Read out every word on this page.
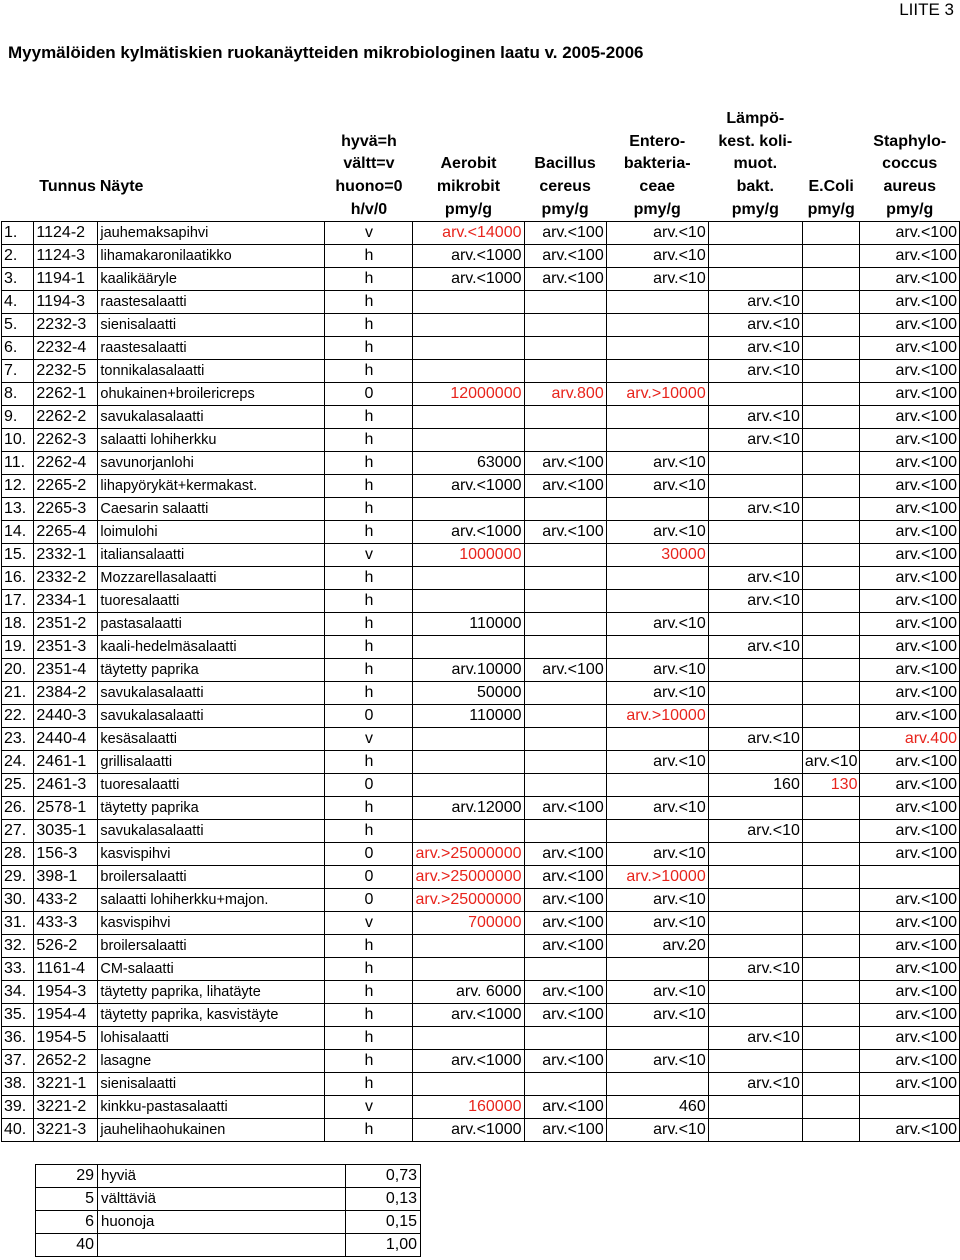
LIITE 3
Myymälöiden kylmätiskien ruokanäytteiden mikrobiologinen laatu v. 2005-2006
Tunnus		Näyte	hyvä=h
vältt=v
huono=0	Aerobit
mikrobit	Bacillus
cereus	Entero-
bakteria-
ceae	Lämpö-
kest. koli-
muot.
bakt.	E.Coli	Staphylo-
coccus
aureus
			h/v/0	pmy/g	pmy/g	pmy/g	pmy/g	pmy/g	pmy/g
1.	1124-2	jauhemaksapihvi	v	arv.<14000	arv.<100	arv.<10			arv.<100
2.	1124-3	lihamakaronilaatikko	h	arv.<1000	arv.<100	arv.<10			arv.<100
3.	1194-1	kaalikääryle	h	arv.<1000	arv.<100	arv.<10			arv.<100
4.	1194-3	raastesalaatti	h				arv.<10		arv.<100
5.	2232-3	sienisalaatti	h				arv.<10		arv.<100
6.	2232-4	raastesalaatti	h				arv.<10		arv.<100
7.	2232-5	tonnikalasalaatti	h				arv.<10		arv.<100
8.	2262-1	ohukainen+broilericreps	0	12000000	arv.800	arv.>10000			arv.<100
9.	2262-2	savukalasalaatti	h				arv.<10		arv.<100
10.	2262-3	salaatti lohiherkku	h				arv.<10		arv.<100
11.	2262-4	savunorjanlohi	h	63000	arv.<100	arv.<10			arv.<100
12.	2265-2	lihapyörykät+kermakast.	h	arv.<1000	arv.<100	arv.<10			arv.<100
13.	2265-3	Caesarin salaatti	h				arv.<10		arv.<100
14.	2265-4	loimulohi	h	arv.<1000	arv.<100	arv.<10			arv.<100
15.	2332-1	italiansalaatti	v	1000000		30000			arv.<100
16.	2332-2	Mozzarellasalaatti	h				arv.<10		arv.<100
17.	2334-1	tuoresalaatti	h				arv.<10		arv.<100
18.	2351-2	pastasalaatti	h	110000		arv.<10			arv.<100
19.	2351-3	kaali-hedelmäsalaatti	h				arv.<10		arv.<100
20.	2351-4	täytetty paprika	h	arv.10000	arv.<100	arv.<10			arv.<100
21.	2384-2	savukalasalaatti	h	50000		arv.<10			arv.<100
22.	2440-3	savukalasalaatti	0	110000		arv.>10000			arv.<100
23.	2440-4	kesäsalaatti	v				arv.<10		arv.400
24.	2461-1	grillisalaatti	h			arv.<10		arv.<10	arv.<100
25.	2461-3	tuoresalaatti	0				160	130	arv.<100
26.	2578-1	täytetty paprika	h	arv.12000	arv.<100	arv.<10			arv.<100
27.	3035-1	savukalasalaatti	h				arv.<10		arv.<100
28.	156-3	kasvispihvi	0	arv.>25000000	arv.<100	arv.<10			arv.<100
29.	398-1	broilersalaatti	0	arv.>25000000	arv.<100	arv.>10000			
30.	433-2	salaatti lohiherkku+majon.	0	arv.>25000000	arv.<100	arv.<10			arv.<100
31.	433-3	kasvispihvi	v	700000	arv.<100	arv.<10			arv.<100
32.	526-2	broilersalaatti	h		arv.<100	arv.20			arv.<100
33.	1161-4	CM-salaatti	h				arv.<10		arv.<100
34.	1954-3	täytetty paprika, lihatäyte	h	arv. 6000	arv.<100	arv.<10			arv.<100
35.	1954-4	täytetty paprika, kasvistäyte	h	arv.<1000	arv.<100	arv.<10			arv.<100
36.	1954-5	lohisalaatti	h				arv.<10		arv.<100
37.	2652-2	lasagne	h	arv.<1000	arv.<100	arv.<10			arv.<100
38.	3221-1	sienisalaatti	h				arv.<10		arv.<100
39.	3221-2	kinkku-pastasalaatti	v	160000	arv.<100	460			
40.	3221-3	jauhelihaohukainen	h	arv.<1000	arv.<100	arv.<10			arv.<100
29	hyviä	0,73
5	välttäviä	0,13
6	huonoja	0,15
40		1,00
